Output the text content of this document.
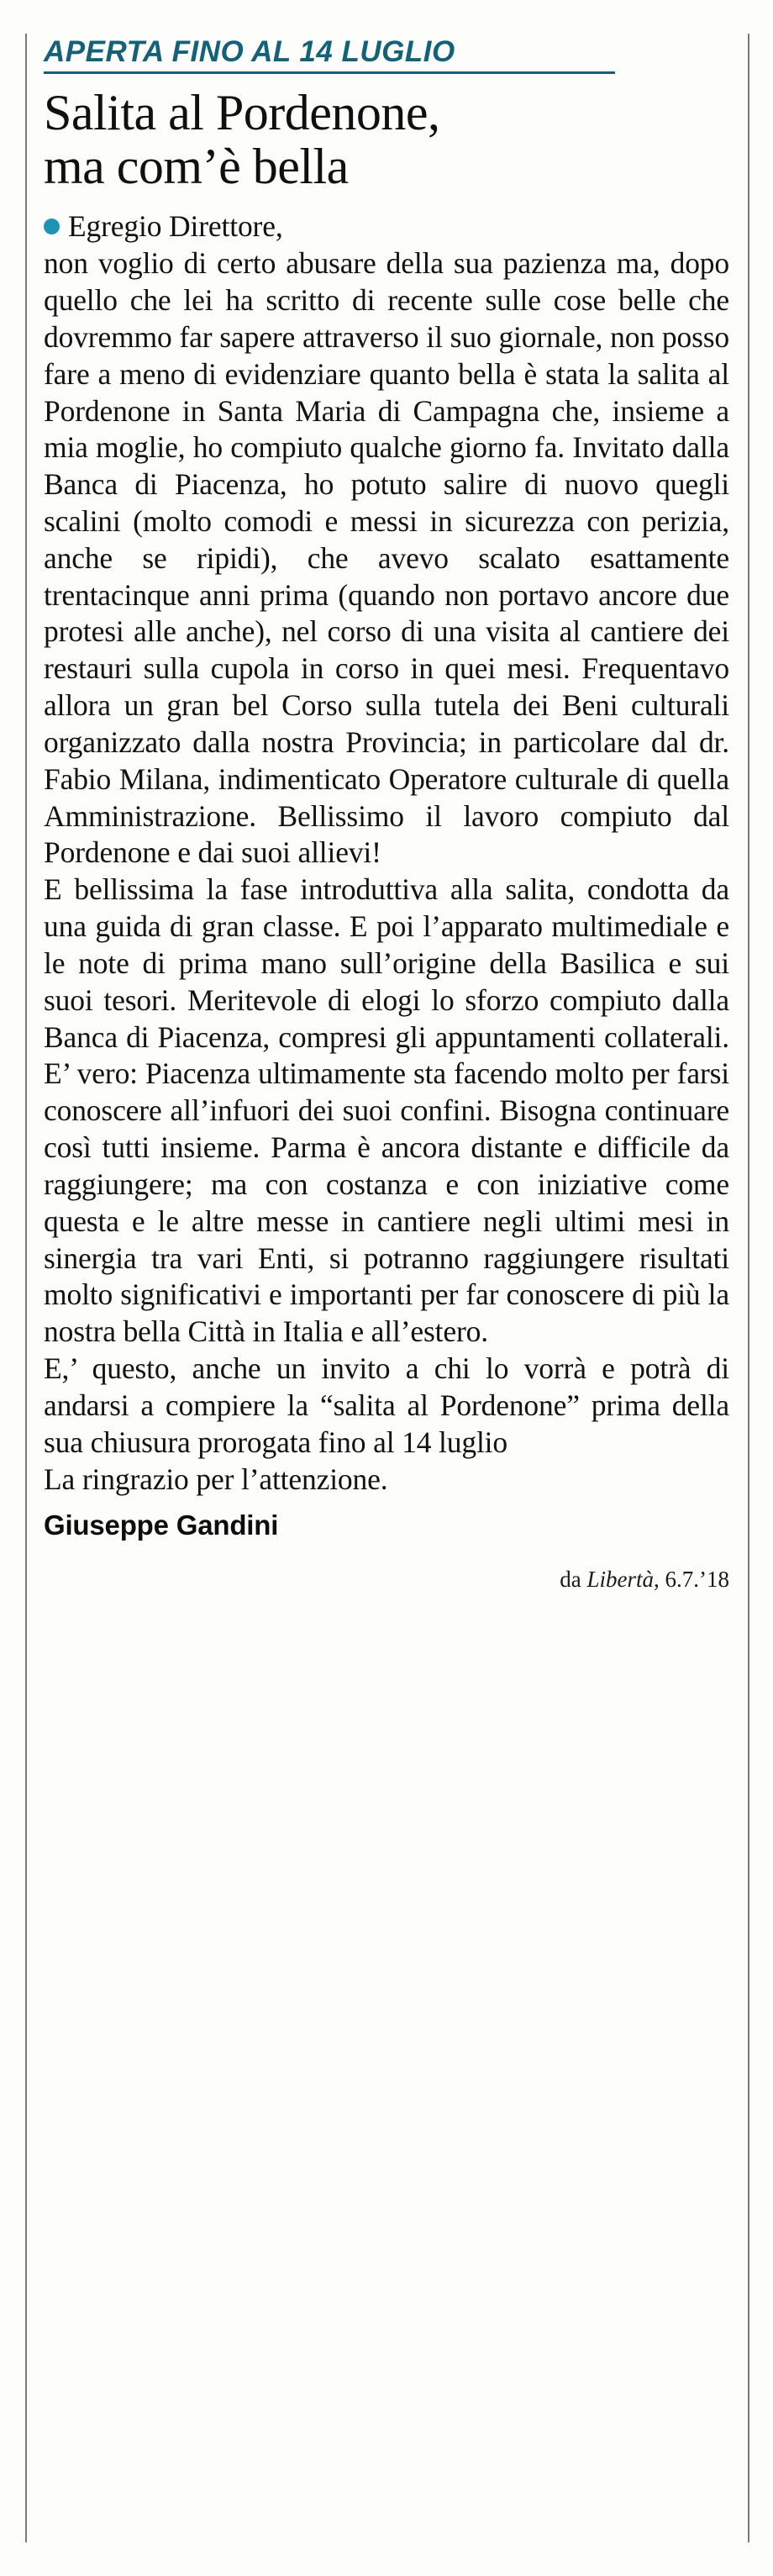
APERTA FINO AL 14 LUGLIO
Salita al Pordenone,
ma com’è bella

Egregio Direttore,

non voglio di certo abusare della sua pazienza ma, dopo quello che lei ha scritto di recente sulle cose belle che dovremmo far sapere attraverso il suo giornale, non posso fare a meno di evidenziare quanto bella è stata la salita al Pordenone in Santa Maria di Campagna che, insieme a mia moglie, ho compiuto qualche giorno fa. Invitato dalla Banca di Piacenza, ho potuto salire di nuovo quegli scalini (molto comodi e messi in sicurezza con perizia, anche se ripidi), che avevo scalato esattamente trentacinque anni prima (quando non portavo ancore due protesi alle anche), nel corso di una visita al cantiere dei restauri sulla cupola in corso in quei mesi. Frequentavo allora un gran bel Corso sulla tutela dei Beni culturali organizzato dalla nostra Provincia; in particolare dal dr. Fabio Milana, indimenticato Operatore culturale di quella Amministrazione. Bellissimo il lavoro compiuto dal Pordenone e dai suoi allievi!

E bellissima la fase introduttiva alla salita, condotta da una guida di gran classe. E poi l’apparato multimediale e le note di prima mano sull’origine della Basilica e sui suoi tesori. Meritevole di elogi lo sforzo compiuto dalla Banca di Piacenza, compresi gli appuntamenti collaterali. E’ vero: Piacenza ultimamente sta facendo molto per farsi conoscere all’infuori dei suoi confini. Bisogna continuare così tutti insieme. Parma è ancora distante e difficile da raggiungere; ma con costanza e con iniziative come questa e le altre messe in cantiere negli ultimi mesi in sinergia tra vari Enti, si potranno raggiungere risultati molto significativi e importanti per far conoscere di più la nostra bella Città in Italia e all’estero.

E,’ questo, anche un invito a chi lo vorrà e potrà di andarsi a compiere la “salita al Pordenone” prima della sua chiusura prorogata fino al 14 luglio

La ringrazio per l’attenzione.

Giuseppe Gandini
da Libertà, 6.7.’18
